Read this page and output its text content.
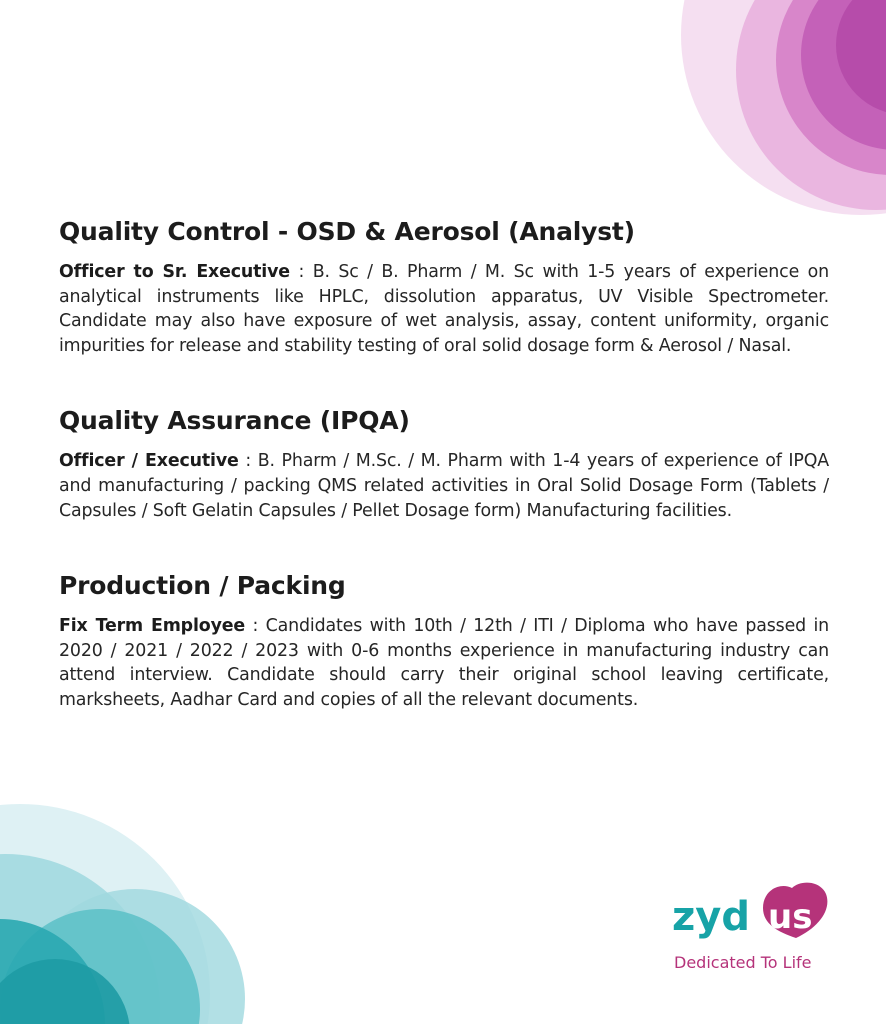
Quality Control - OSD & Aerosol (Analyst)

Officer to Sr. Executive : B. Sc / B. Pharm / M. Sc with 1-5 years of experience on analytical instruments like HPLC, dissolution apparatus, UV Visible Spectrometer. Candidate may also have exposure of wet analysis, assay, content uniformity, organic impurities for release and stability testing of oral solid dosage form & Aerosol / Nasal.

Quality Assurance (IPQA)

Officer / Executive : B. Pharm / M.Sc. / M. Pharm with 1-4 years of experience of IPQA and manufacturing / packing QMS related activities in Oral Solid Dosage Form (Tablets / Capsules / Soft Gelatin Capsules / Pellet Dosage form) Manufacturing facilities.

Production / Packing

Fix Term Employee : Candidates with 10th / 12th / ITI / Diploma who have passed in 2020 / 2021 / 2022 / 2023 with 0-6 months experience in manufacturing industry can attend interview. Candidate should carry their original school leaving certificate, marksheets, Aadhar Card and copies of all the relevant documents.

zyd us
Dedicated To Life
